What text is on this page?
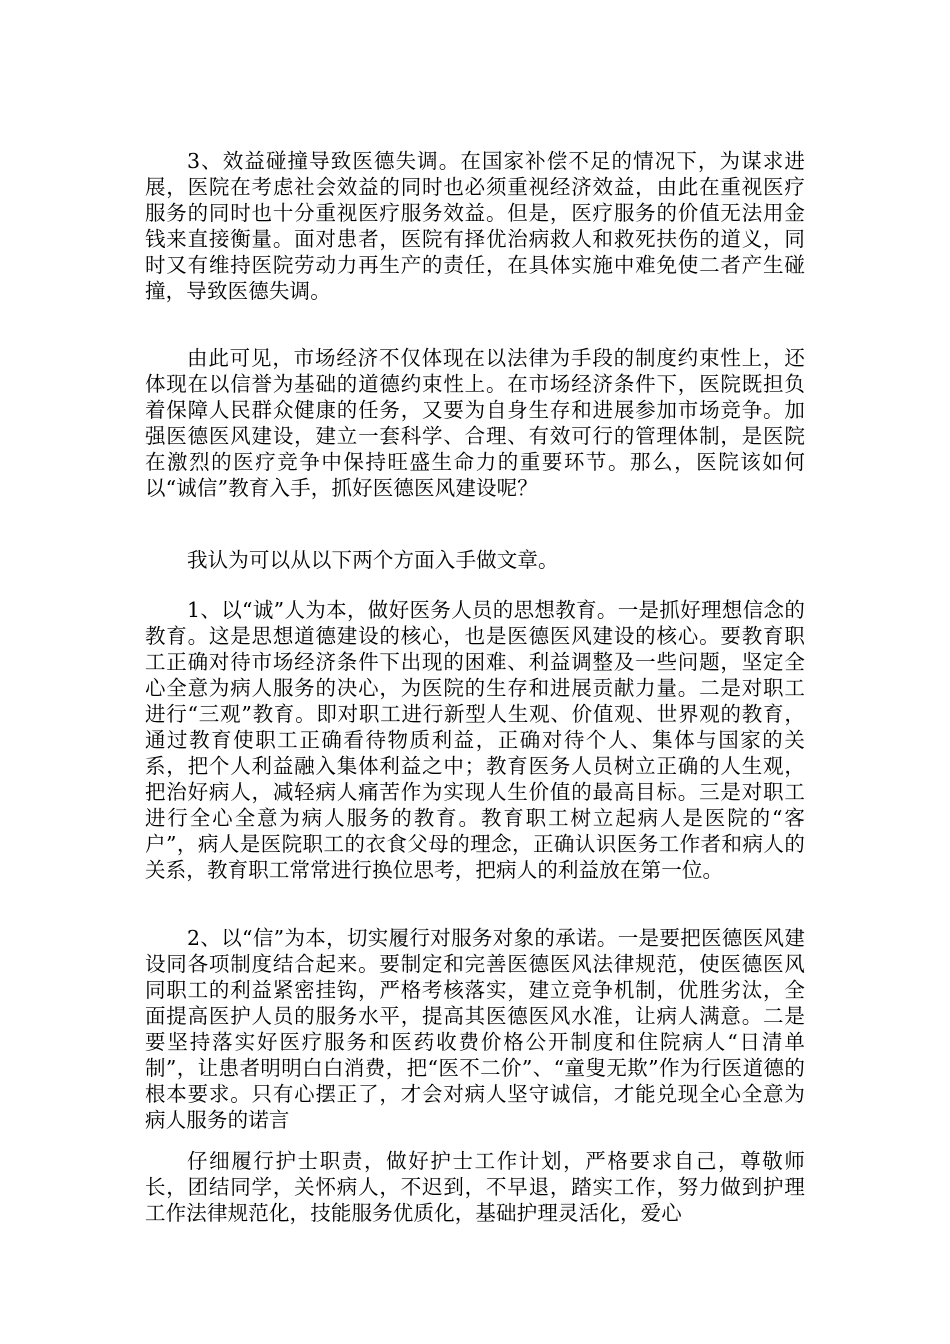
3、效益碰撞导致医德失调。在国家补偿不足的情况下，为谋求进展，医院在考虑社会效益的同时也必须重视经济效益，由此在重视医疗服务的同时也十分重视医疗服务效益。但是，医疗服务的价值无法用金钱来直接衡量。面对患者，医院有择优治病救人和救死扶伤的道义，同时又有维持医院劳动力再生产的责任，在具体实施中难免使二者产生碰撞，导致医德失调。

由此可见，市场经济不仅体现在以法律为手段的制度约束性上，还体现在以信誉为基础的道德约束性上。在市场经济条件下，医院既担负着保障人民群众健康的任务，又要为自身生存和进展参加市场竞争。加强医德医风建设，建立一套科学、合理、有效可行的管理体制，是医院在激烈的医疗竞争中保持旺盛生命力的重要环节。那么，医院该如何以“诚信”教育入手，抓好医德医风建设呢？

我认为可以从以下两个方面入手做文章。

1、以“诚”人为本，做好医务人员的思想教育。一是抓好理想信念的教育。这是思想道德建设的核心，也是医德医风建设的核心。要教育职工正确对待市场经济条件下出现的困难、利益调整及一些问题，坚定全心全意为病人服务的决心，为医院的生存和进展贡献力量。二是对职工进行“三观”教育。即对职工进行新型人生观、价值观、世界观的教育，通过教育使职工正确看待物质利益，正确对待个人、集体与国家的关系，把个人利益融入集体利益之中；教育医务人员树立正确的人生观，把治好病人，减轻病人痛苦作为实现人生价值的最高目标。三是对职工进行全心全意为病人服务的教育。教育职工树立起病人是医院的“客户”，病人是医院职工的衣食父母的理念，正确认识医务工作者和病人的关系，教育职工常常进行换位思考，把病人的利益放在第一位。

2、以“信”为本，切实履行对服务对象的承诺。一是要把医德医风建设同各项制度结合起来。要制定和完善医德医风法律规范，使医德医风同职工的利益紧密挂钩，严格考核落实，建立竞争机制，优胜劣汰，全面提高医护人员的服务水平，提高其医德医风水准，让病人满意。二是要坚持落实好医疗服务和医药收费价格公开制度和住院病人“日清单制”，让患者明明白白消费，把“医不二价”、“童叟无欺”作为行医道德的根本要求。只有心摆正了，才会对病人坚守诚信，才能兑现全心全意为病人服务的诺言

仔细履行护士职责，做好护士工作计划，严格要求自己，尊敬师长，团结同学，关怀病人，不迟到，不早退，踏实工作，努力做到护理工作法律规范化，技能服务优质化，基础护理灵活化，爱心
